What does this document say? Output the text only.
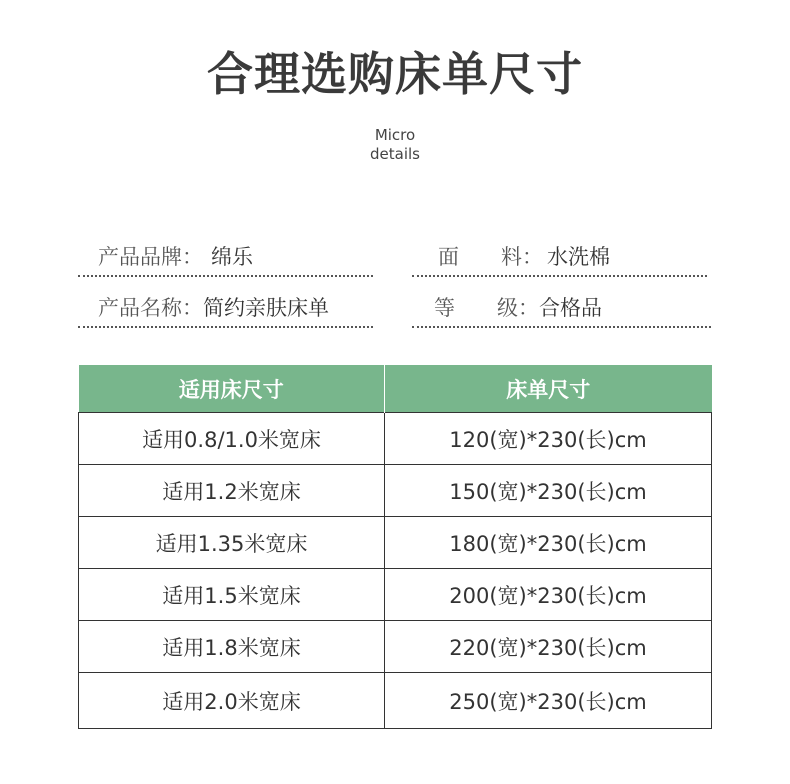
合理选购床单尺寸
Micro
details
产品品牌： 绵乐	面　　料： 水洗棉
产品名称： 简约亲肤床单	等　　级： 合格品
适用床尺寸	床单尺寸
适用0.8/1.0米宽床	120(宽)*230(长)cm
适用1.2米宽床	150(宽)*230(长)cm
适用1.35米宽床	180(宽)*230(长)cm
适用1.5米宽床	200(宽)*230(长)cm
适用1.8米宽床	220(宽)*230(长)cm
适用2.0米宽床	250(宽)*230(长)cm
